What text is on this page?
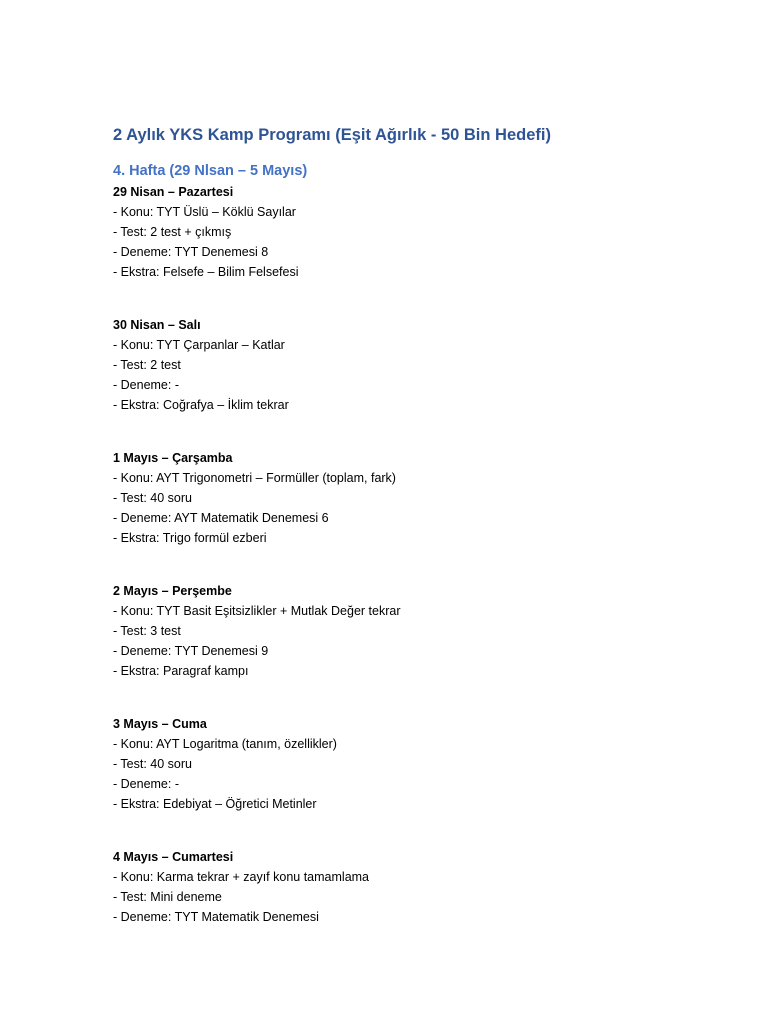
2 Aylık YKS Kamp Programı (Eşit Ağırlık - 50 Bin Hedefi)
4. Hafta (29 Nlsan – 5 Mayıs)
29 Nisan – Pazartesi
- Konu: TYT Üslü – Köklü Sayılar
- Test: 2 test + çıkmış
- Deneme: TYT Denemesi 8
- Ekstra: Felsefe – Bilim Felsefesi
30 Nisan – Salı
- Konu: TYT Çarpanlar – Katlar
- Test: 2 test
- Deneme: -
- Ekstra: Coğrafya – İklim tekrar
1 Mayıs – Çarşamba
- Konu: AYT Trigonometri – Formüller (toplam, fark)
- Test: 40 soru
- Deneme: AYT Matematik Denemesi 6
- Ekstra: Trigo formül ezberi
2 Mayıs – Perşembe
- Konu: TYT Basit Eşitsizlikler + Mutlak Değer tekrar
- Test: 3 test
- Deneme: TYT Denemesi 9
- Ekstra: Paragraf kampı
3 Mayıs – Cuma
- Konu: AYT Logaritma (tanım, özellikler)
- Test: 40 soru
- Deneme: -
- Ekstra: Edebiyat – Öğretici Metinler
4 Mayıs – Cumartesi
- Konu: Karma tekrar + zayıf konu tamamlama
- Test: Mini deneme
- Deneme: TYT Matematik Denemesi
